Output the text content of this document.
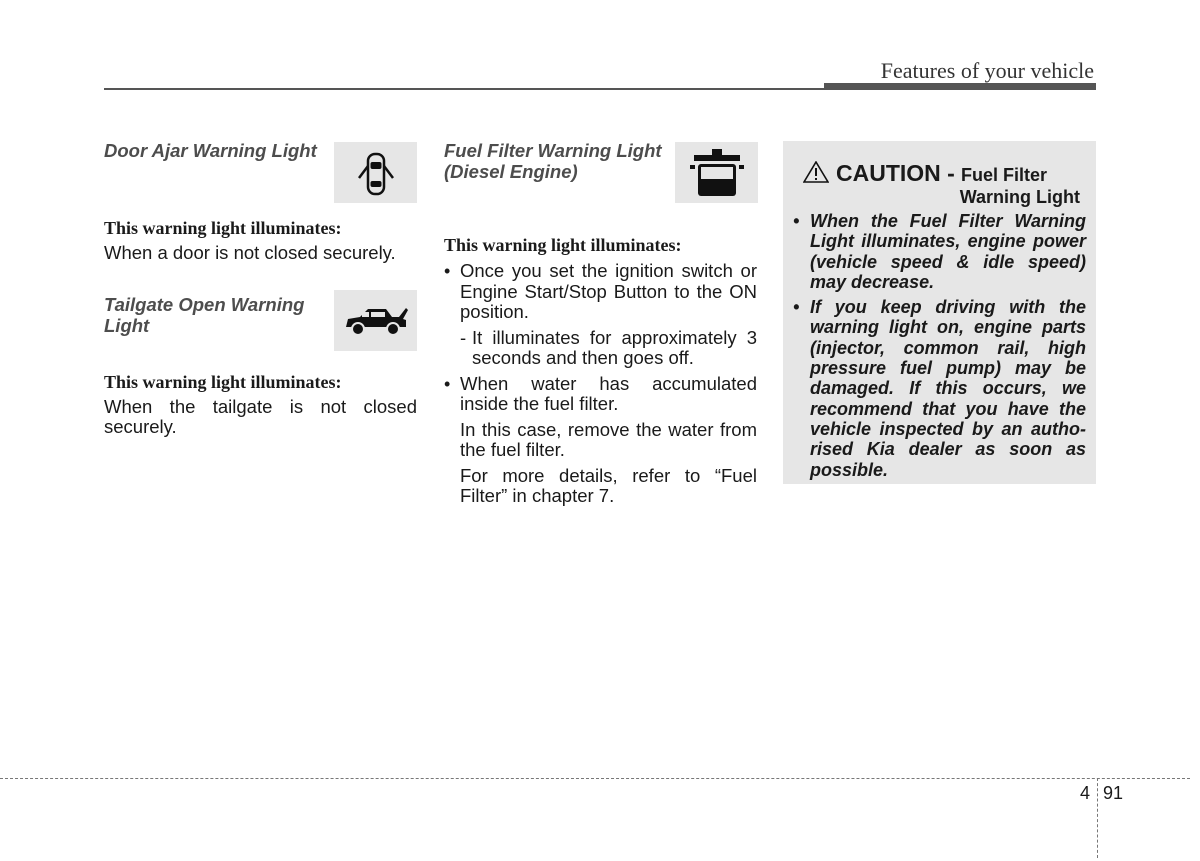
Features of your vehicle
Door Ajar Warning Light
This warning light illuminates:
When a door is not closed securely.
Tailgate Open Warning Light
This warning light illuminates:
When the tailgate is not closed securely.
Fuel Filter Warning Light (Diesel Engine)
This warning light illuminates:
• Once you set the ignition switch or Engine Start/Stop Button to the ON position.
- It illuminates for approximately 3 seconds and then goes off.
• When water has accumulated inside the fuel filter.
In this case, remove the water from the fuel filter.
For more details, refer to “Fuel Filter” in chapter 7.
CAUTION - Fuel Filter
Warning Light
• When the Fuel Filter Warning Light illuminates, engine power (vehicle speed & idle speed) may decrease.
• If you keep driving with the warning light on, engine parts (injector, common rail, high pressure fuel pump) may be damaged. If this occurs, we recommend that you have the vehicle inspected by an autho-rised Kia dealer as soon as possible.
4 91
